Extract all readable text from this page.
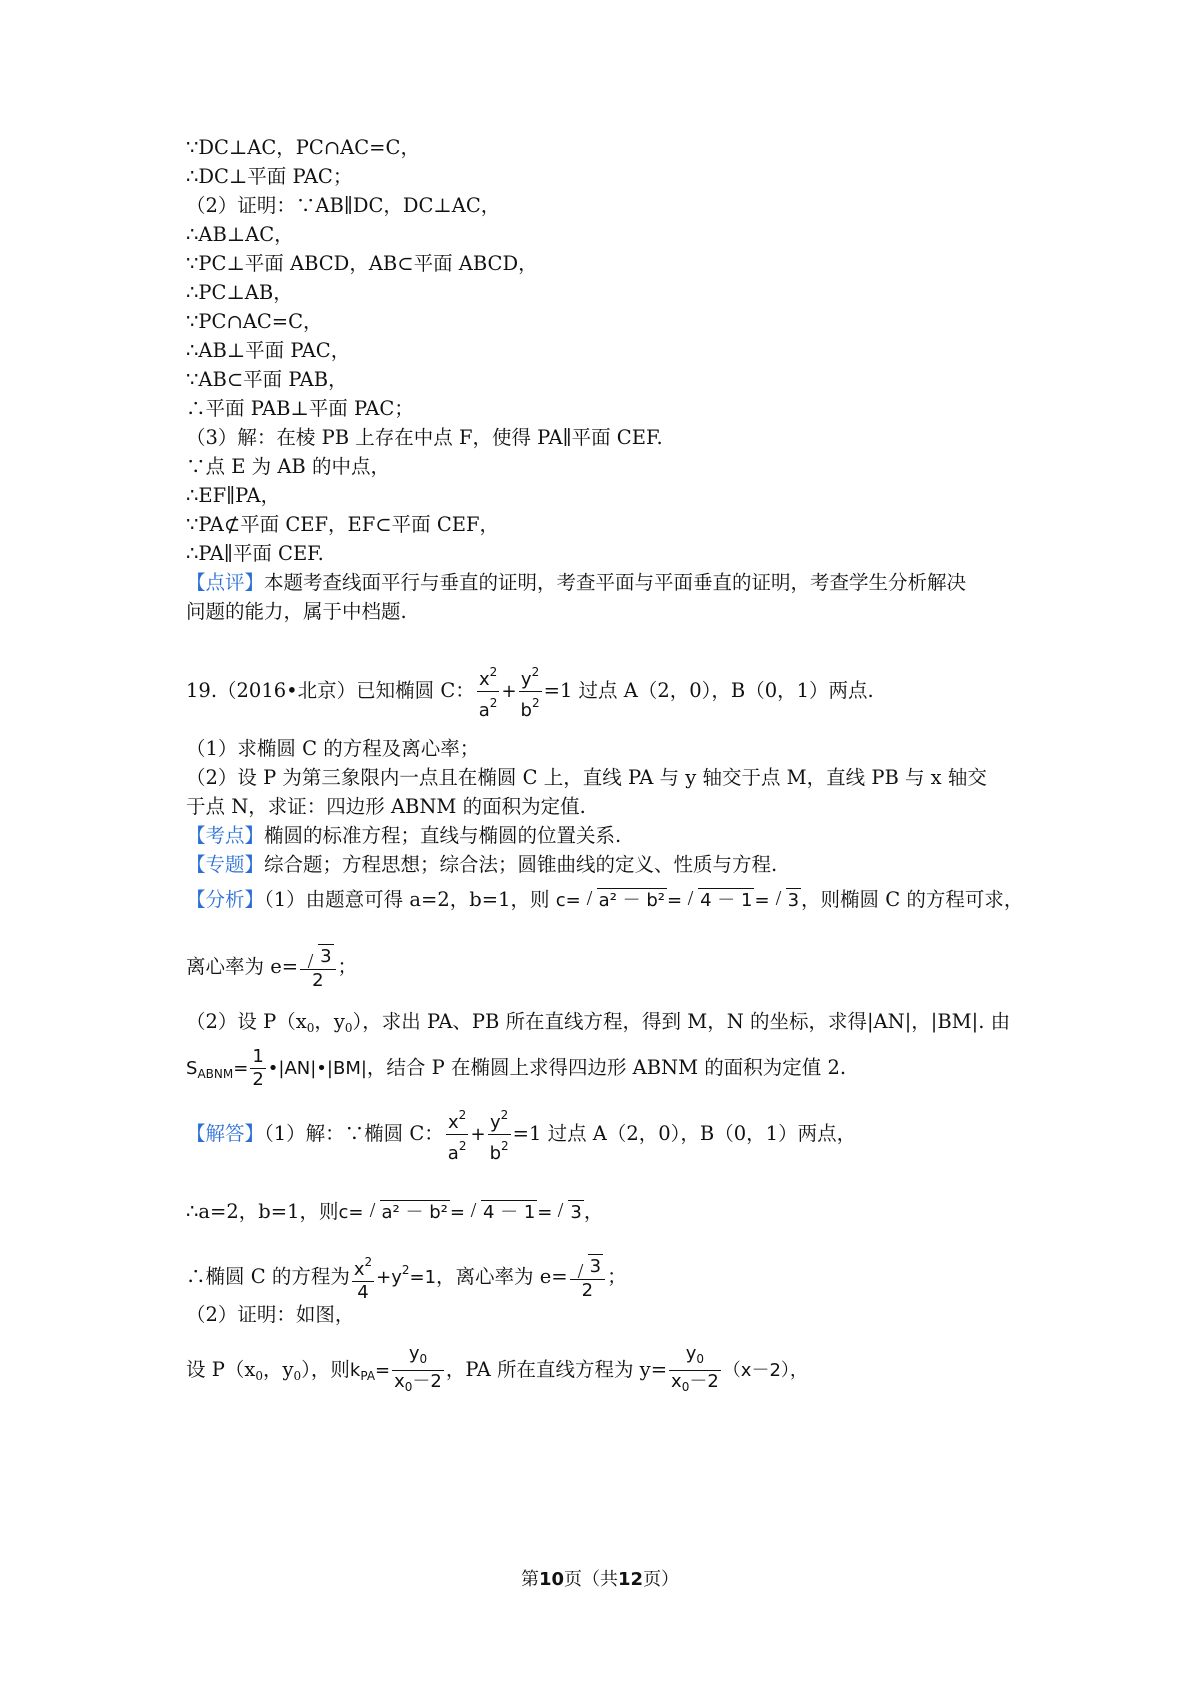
∵DC⊥AC，PC∩AC=C，
∴DC⊥平面 PAC；
（2）证明：∵AB∥DC，DC⊥AC，
∴AB⊥AC，
∵PC⊥平面 ABCD，AB⊂平面 ABCD，
∴PC⊥AB，
∵PC∩AC=C，
∴AB⊥平面 PAC，
∵AB⊂平面 PAB，
∴平面 PAB⊥平面 PAC；
（3）解：在棱 PB 上存在中点 F，使得 PA∥平面 CEF.
∵点 E 为 AB 的中点，
∴EF∥PA，
∵PA⊄平面 CEF，EF⊂平面 CEF，
∴PA∥平面 CEF.
【点评】本题考查线面平行与垂直的证明，考查平面与平面垂直的证明，考查学生分析解决
问题的能力，属于中档题.
19.（2016•北京）已知椭圆 C： $\frac{x^2}{a^2} + \frac{y^2}{b^2} =1$ 过点 A（2，0），B（0，1）两点.
（1）求椭圆 C 的方程及离心率；
（2）设 P 为第三象限内一点且在椭圆 C 上，直线 PA 与 y 轴交于点 M，直线 PB 与 x 轴交
于点 N，求证：四边形 ABNM 的面积为定值.
【考点】椭圆的标准方程；直线与椭圆的位置关系.
【专题】综合题；方程思想；综合法；圆锥曲线的定义、性质与方程.
【分析】（1）由题意可得 a=2，b=1，则 c= a² － b² = 4 － 1 = 3 ，则椭圆 C 的方程可求，
离心率为 $e= \frac{3}{2}$ ；
（2）设 $P(x_0$，$y_0$），求出 PA、PB 所在直线方程，得到 M，N 的坐标，求得|AN|，|BM|. 由
$S_{ABNM}= \frac{1}{2}$ •|AN|•|BM|，结合 P 在椭圆上求得四边形 ABNM 的面积为定值 2.
【解答】（1）解：∵椭圆 C： $\frac{x^2}{a^2} + \frac{y^2}{b^2} =1$ 过点 A（2，0），B（0，1）两点，
∴a=2，b=1，则c= a² － b² = 4 － 1 = 3 ，
∴椭圆 C 的方程为 $\frac{x^2}{4} +y^2=1$，离心率为 $e= \frac{3}{2}$ ；
（2）证明：如图，
设 $P(x_0$，$y_0$），则$k_{PA}= \frac{y_0}{x_0-2}$ ，PA 所在直线方程为 $y= \frac{y_0}{x_0-2} (x-2)$，
第10页（共12页）
